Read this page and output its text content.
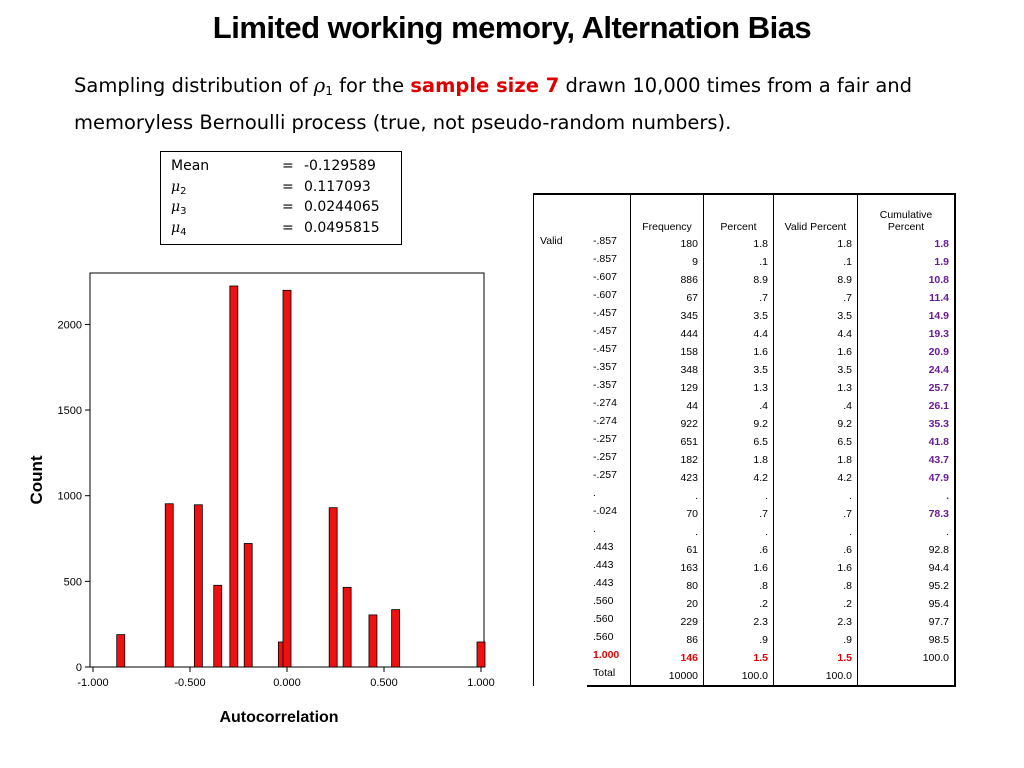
Limited working memory, Alternation Bias
Sampling distribution of $\rho_1$ for the sample size 7 drawn 10,000 times from a fair and memoryless Bernoulli process (true, not pseudo-random numbers).
Mean	= -0.129589
$\mu_2$	= 0.117093
$\mu_3$	= 0.0244065
$\mu_4$	= 0.0495815
0
500
1000
1500
2000
-1.000	-0.500	0.000	0.500	1.000
Autocorrelation
Count
		Frequency	Percent	Valid Percent	Cumulative Percent
Valid	-.857	180	1.8	1.8	1.8
	-.857	9	.1	.1	1.9
	-.607	886	8.9	8.9	10.8
	-.607	67	.7	.7	11.4
	-.457	345	3.5	3.5	14.9
	-.457	444	4.4	4.4	19.3
	-.457	158	1.6	1.6	20.9
	-.357	348	3.5	3.5	24.4
	-.357	129	1.3	1.3	25.7
	-.274	44	.4	.4	26.1
	-.274	922	9.2	9.2	35.3
	-.257	651	6.5	6.5	41.8
	-.257	182	1.8	1.8	43.7
	-.257	423	4.2	4.2	47.9
	.	.	.	.	.
	-.024	70	.7	.7	78.3
	.	.	.	.	.
	.443	61	.6	.6	92.8
	.443	163	1.6	1.6	94.4
	.443	80	.8	.8	95.2
	.560	20	.2	.2	95.4
	.560	229	2.3	2.3	97.7
	.560	86	.9	.9	98.5
	1.000	146	1.5	1.5	100.0
	Total	10000	100.0	100.0	
